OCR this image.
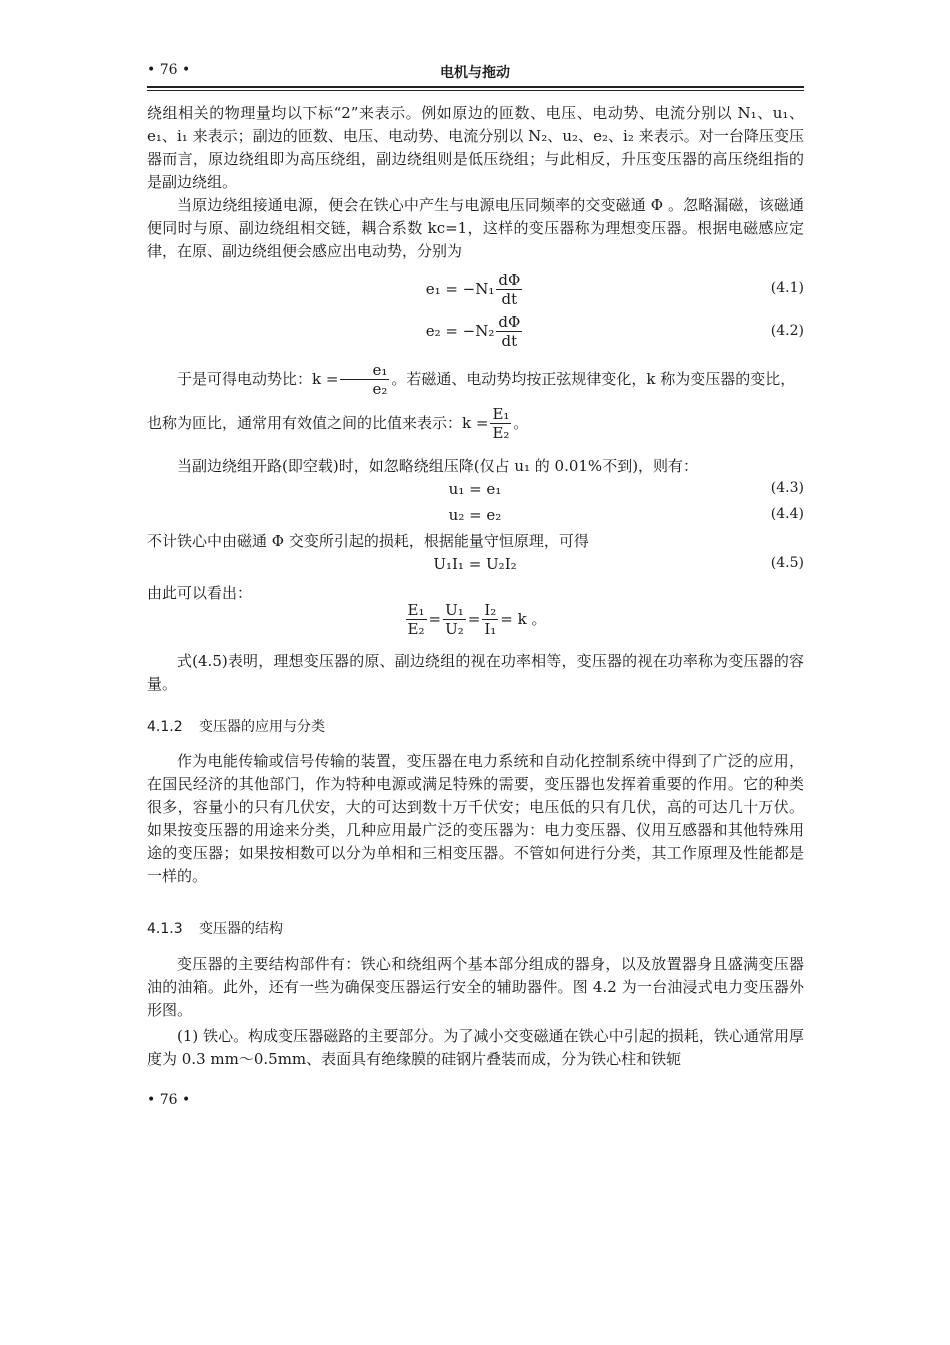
• 76 •	电机与拖动
绕组相关的物理量均以下标“2”来表示。例如原边的匝数、电压、电动势、电流分别以 N₁、u₁、e₁、i₁ 来表示；副边的匝数、电压、电动势、电流分别以 N₂、u₂、e₂、i₂ 来表示。对一台降压变压器而言，原边绕组即为高压绕组，副边绕组则是低压绕组；与此相反，升压变压器的高压绕组指的是副边绕组。
当原边绕组接通电源，便会在铁心中产生与电源电压同频率的交变磁通 Φ 。忽略漏磁，该磁通便同时与原、副边绕组相交链，耦合系数 kc=1，这样的变压器称为理想变压器。根据电磁感应定律，在原、副边绕组便会感应出电动势，分别为
$e_1 = -N_1 \frac{d\Phi}{dt}$	(4.1)
$e_2 = -N_2 \frac{d\Phi}{dt}$	(4.2)
于是可得电动势比：$k = \frac{\text{e₁}}{\text{e₂}}$ 。若磁通、电动势均按正弦规律变化，k 称为变压器的变比，
也称为匝比，通常用有效值之间的比值来表示：$k = \frac{\text{E₁}}{\text{E₂}}$ 。
当副边绕组开路(即空载)时，如忽略绕组压降(仅占 u₁ 的 0.01%不到)，则有：
u₁ = e₁	(4.3)
u₂ = e₂	(4.4)
不计铁心中由磁通 Φ 交变所引起的损耗，根据能量守恒原理，可得
U₁I₁ = U₂I₂	(4.5)
由此可以看出：
$\frac{\text{E₁}}{\text{E₂}} = \frac{\text{U₁}}{\text{U₂}} = \frac{\text{I₂}}{\text{I₁}} = k$ 。
式(4.5)表明，理想变压器的原、副边绕组的视在功率相等，变压器的视在功率称为变压器的容量。
4.1.2 变压器的应用与分类
作为电能传输或信号传输的装置，变压器在电力系统和自动化控制系统中得到了广泛的应用，在国民经济的其他部门，作为特种电源或满足特殊的需要，变压器也发挥着重要的作用。它的种类很多，容量小的只有几伏安，大的可达到数十万千伏安；电压低的只有几伏，高的可达几十万伏。如果按变压器的用途来分类，几种应用最广泛的变压器为：电力变压器、仪用互感器和其他特殊用途的变压器；如果按相数可以分为单相和三相变压器。不管如何进行分类，其工作原理及性能都是一样的。
4.1.3 变压器的结构
变压器的主要结构部件有：铁心和绕组两个基本部分组成的器身，以及放置器身且盛满变压器油的油箱。此外，还有一些为确保变压器运行安全的辅助器件。图 4.2 为一台油浸式电力变压器外形图。
(1) 铁心。构成变压器磁路的主要部分。为了减小交变磁通在铁心中引起的损耗，铁心通常用厚度为 0.3 mm～0.5mm、表面具有绝缘膜的硅钢片叠装而成，分为铁心柱和铁轭
• 76 •
